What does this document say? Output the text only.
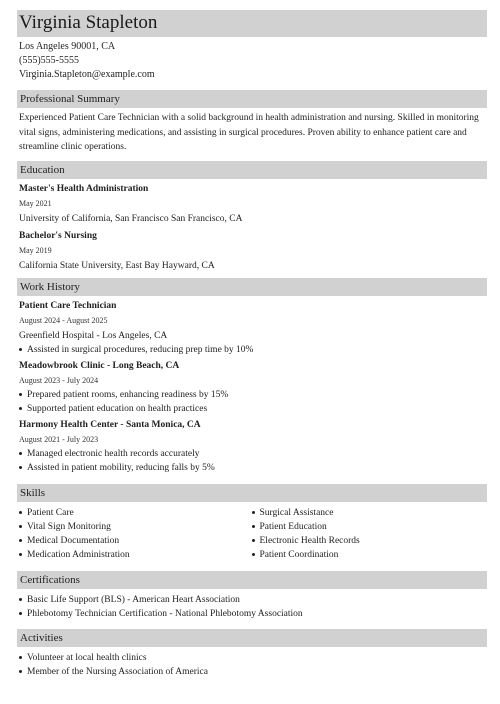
Virginia Stapleton
Los Angeles 90001, CA
(555)555-5555
Virginia.Stapleton@example.com
Professional Summary
Experienced Patient Care Technician with a solid background in health administration and nursing. Skilled in monitoring vital signs, administering medications, and assisting in surgical procedures. Proven ability to enhance patient care and streamline clinic operations.
Education
Master's Health Administration
May 2021
University of California, San Francisco San Francisco, CA
Bachelor's Nursing
May 2019
California State University, East Bay Hayward, CA
Work History
Patient Care Technician
August 2024 - August 2025
Greenfield Hospital - Los Angeles, CA
Assisted in surgical procedures, reducing prep time by 10%
Meadowbrook Clinic - Long Beach, CA
August 2023 - July 2024
Prepared patient rooms, enhancing readiness by 15%
Supported patient education on health practices
Harmony Health Center - Santa Monica, CA
August 2021 - July 2023
Managed electronic health records accurately
Assisted in patient mobility, reducing falls by 5%
Skills
Patient Care
Vital Sign Monitoring
Medical Documentation
Medication Administration
Surgical Assistance
Patient Education
Electronic Health Records
Patient Coordination
Certifications
Basic Life Support (BLS) - American Heart Association
Phlebotomy Technician Certification - National Phlebotomy Association
Activities
Volunteer at local health clinics
Member of the Nursing Association of America
